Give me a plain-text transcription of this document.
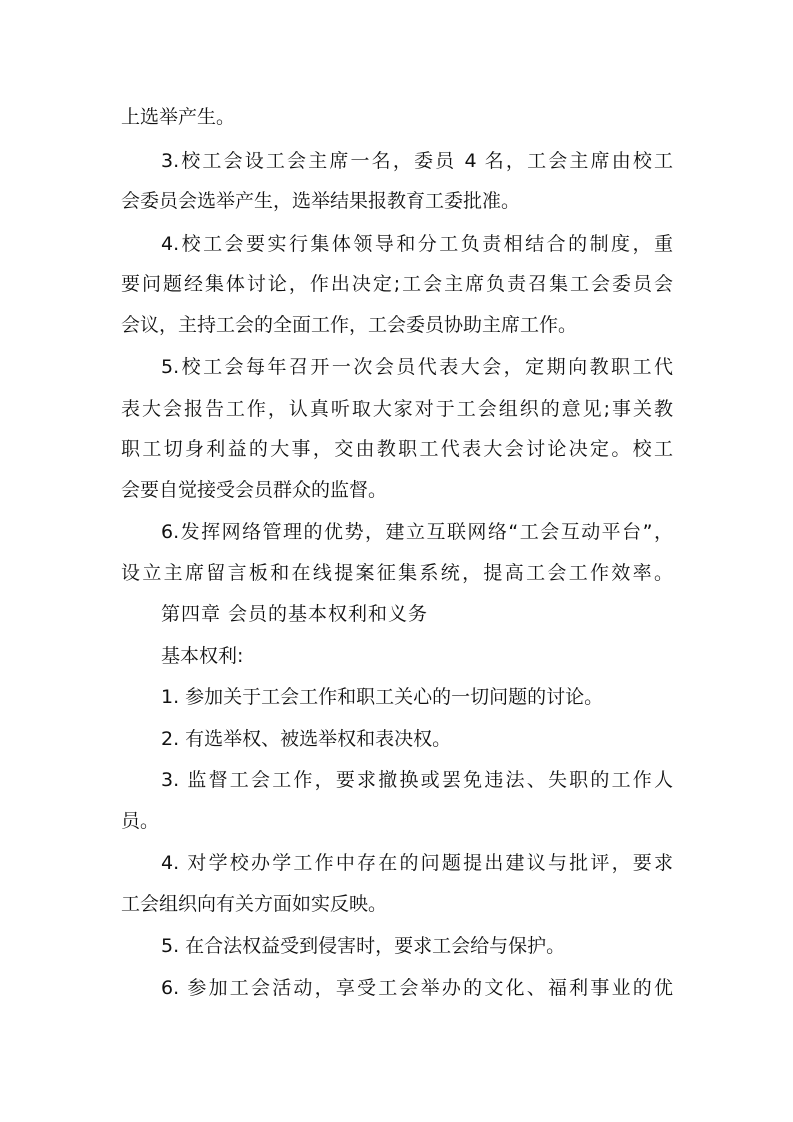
上选举产生。
3.校工会设工会主席一名，委员 4 名，工会主席由校工
会委员会选举产生，选举结果报教育工委批准。
4.校工会要实行集体领导和分工负责相结合的制度，重
要问题经集体讨论，作出决定;工会主席负责召集工会委员会
会议，主持工会的全面工作，工会委员协助主席工作。
5.校工会每年召开一次会员代表大会，定期向教职工代
表大会报告工作，认真听取大家对于工会组织的意见;事关教
职工切身利益的大事，交由教职工代表大会讨论决定。校工
会要自觉接受会员群众的监督。
6.发挥网络管理的优势，建立互联网络“工会互动平台”，
设立主席留言板和在线提案征集系统，提高工会工作效率。
第四章 会员的基本权利和义务
基本权利:
1. 参加关于工会工作和职工关心的一切问题的讨论。
2. 有选举权、被选举权和表决权。
3. 监督工会工作，要求撤换或罢免违法、失职的工作人
员。
4. 对学校办学工作中存在的问题提出建议与批评，要求
工会组织向有关方面如实反映。
5. 在合法权益受到侵害时，要求工会给与保护。
6. 参加工会活动，享受工会举办的文化、福利事业的优
